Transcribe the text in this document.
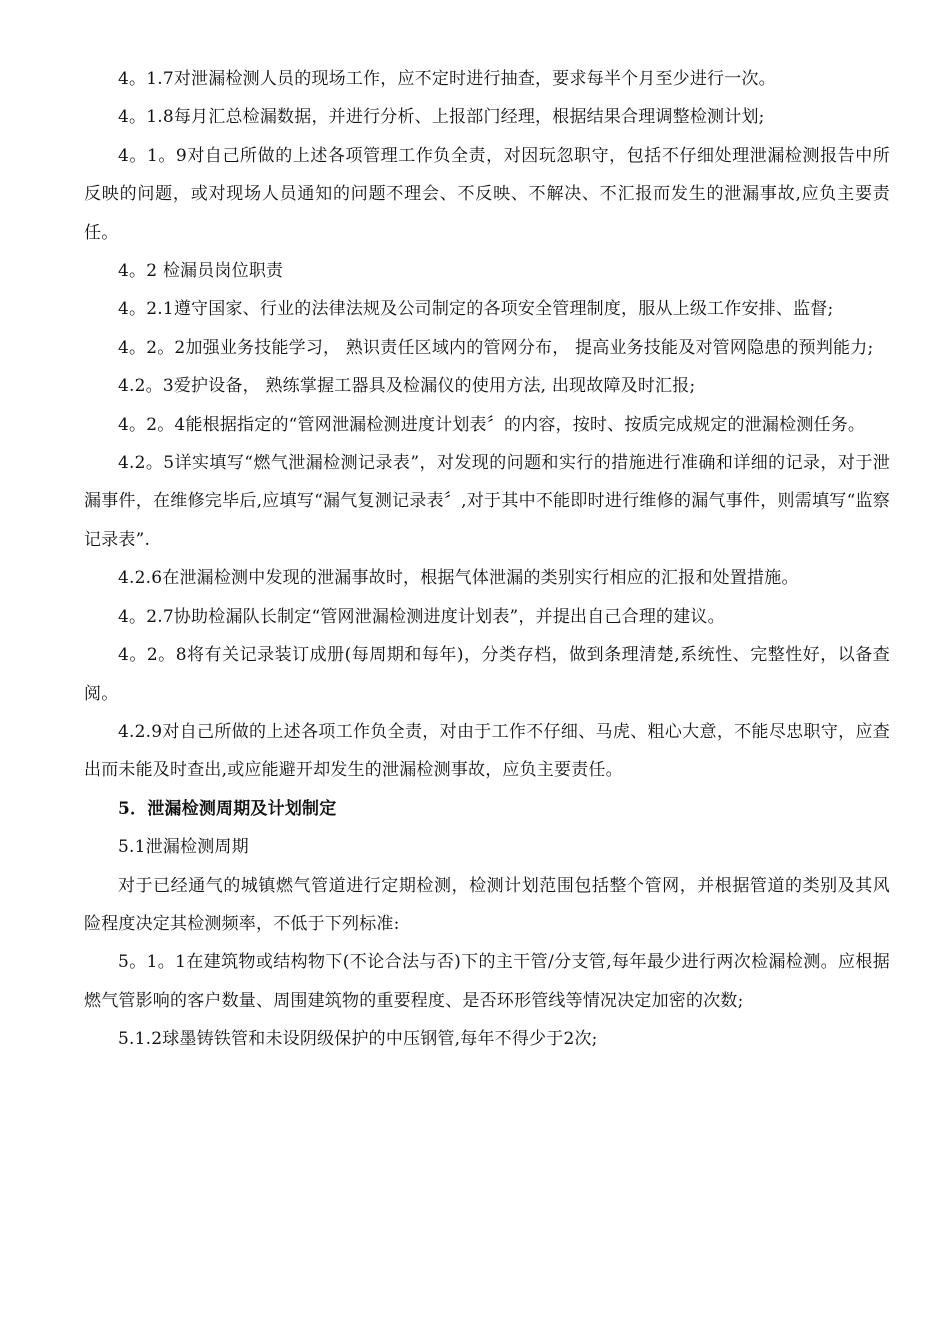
4。1.7对泄漏检测人员的现场工作，应不定时进行抽查，要求每半个月至少进行一次。

4。1.8每月汇总检漏数据，并进行分析、上报部门经理，根据结果合理调整检测计划;

4。1。9对自己所做的上述各项管理工作负全责，对因玩忽职守，包括不仔细处理泄漏检测报告中所反映的问题，或对现场人员通知的问题不理会、不反映、不解决、不汇报而发生的泄漏事故,应负主要责任。

4。2 检漏员岗位职责

4。2.1遵守国家、行业的法律法规及公司制定的各项安全管理制度，服从上级工作安排、监督;

4。2。2加强业务技能学习， 熟识责任区域内的管网分布， 提高业务技能及对管网隐患的预判能力;

4.2。3爱护设备， 熟练掌握工器具及检漏仪的使用方法, 出现故障及时汇报;

4。2。4能根据指定的“管网泄漏检测进度计划表〞的内容，按时、按质完成规定的泄漏检测任务。

4.2。5详实填写“燃气泄漏检测记录表”，对发现的问题和实行的措施进行准确和详细的记录，对于泄漏事件，在维修完毕后,应填写“漏气复测记录表〞,对于其中不能即时进行维修的漏气事件，则需填写“监察记录表”.

4.2.6在泄漏检测中发现的泄漏事故时，根据气体泄漏的类别实行相应的汇报和处置措施。

4。2.7协助检漏队长制定“管网泄漏检测进度计划表”，并提出自己合理的建议。

4。2。8将有关记录装订成册(每周期和每年)，分类存档，做到条理清楚,系统性、完整性好，以备查阅。

4.2.9对自己所做的上述各项工作负全责，对由于工作不仔细、马虎、粗心大意，不能尽忠职守，应查出而未能及时查出,或应能避开却发生的泄漏检测事故，应负主要责任。

5．泄漏检测周期及计划制定

5.1泄漏检测周期

对于已经通气的城镇燃气管道进行定期检测，检测计划范围包括整个管网，并根据管道的类别及其风险程度决定其检测频率，不低于下列标准:

5。1。1在建筑物或结构物下(不论合法与否)下的主干管/分支管,每年最少进行两次检漏检测。应根据燃气管影响的客户数量、周围建筑物的重要程度、是否环形管线等情况决定加密的次数;

5.1.2球墨铸铁管和未设阴级保护的中压钢管,每年不得少于2次;
